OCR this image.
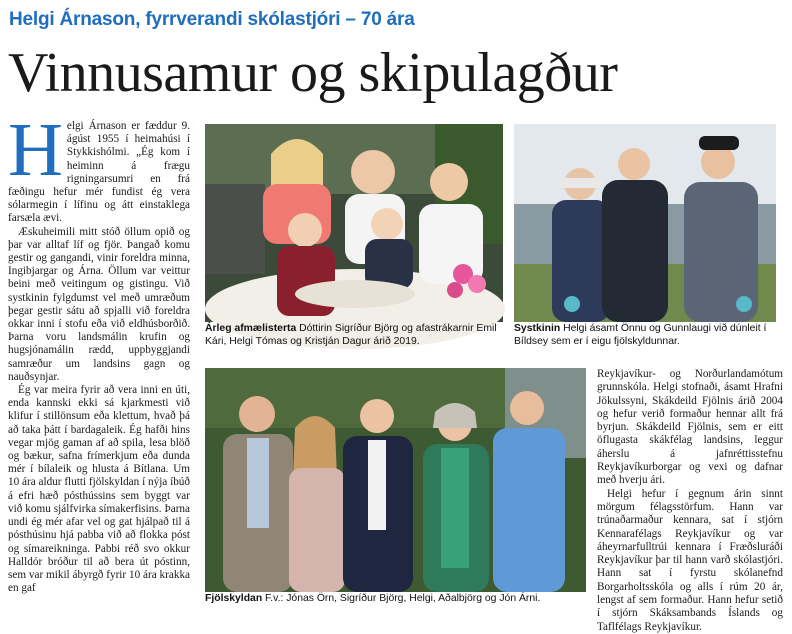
Helgi Árnason, fyrrverandi skólastjóri – 70 ára
Vinnusamur og skipulagður
H elgi Árnason er fæddur 9. ágúst 1955 í heimahúsi í Stykkishólmi. „Ég kom í heiminn á frægu rigningarsumri en frá fæðingu hefur mér fundist ég vera sólarmegin í lífinu og átt einstaklega farsæla ævi.

Æskuheimili mitt stóð öllum opið og þar var alltaf líf og fjör. Þangað komu gestir og gangandi, vinir foreldra minna, Ingibjargar og Árna. Öllum var veittur beini með veitingum og gistingu. Við systkinin fylgdumst vel með umræðum þegar gestir sátu að spjalli við foreldra okkar inni í stofu eða við eldhúsborðið. Þarna voru landsmálin krufin og hugsjónamálin rædd, uppbyggjandi samræður um landsins gagn og nauðsynjar.

Ég var meira fyrir að vera inni en úti, enda kannski ekki sá kjarkmesti við klifur í stillönsum eða klettum, hvað þá að taka þátt í bardagaleik. Ég hafði hins vegar mjög gaman af að spila, lesa blöð og bækur, safna frímerkjum eða dunda mér í bílaleik og hlusta á Bítlana. Um 10 ára aldur flutti fjölskyldan í nýja íbúð á efri hæð pósthússins sem byggt var við komu sjálfvirka símakerfisins. Þarna undi ég mér afar vel og gat hjálpað til á pósthúsinu hjá pabba við að flokka póst og símareikninga. Pabbi réð svo okkur Halldór bróður til að bera út póstinn, sem var mikil ábyrgð fyrir 10 ára krakka en gaf

Árleg afmælisterta Dóttirin Sigríður Björg og afastrákarnir Emil Kári, Helgi Tómas og Kristján Dagur árið 2019.
Systkinin Helgi ásamt Önnu og Gunnlaugi við dúnleit í Bíldsey sem er í eigu fjölskyldunnar.
Fjölskyldan F.v.: Jónas Örn, Sigríður Björg, Helgi, Aðalbjörg og Jón Árni.

Reykjavíkur- og Norðurlandamótum grunnskóla. Helgi stofnaði, ásamt Hrafni Jökulssyni, Skákdeild Fjölnis árið 2004 og hefur verið formaður hennar allt frá byrjun. Skákdeild Fjölnis, sem er eitt öflugasta skákfélag landsins, leggur áherslu á jafnréttisstefnu Reykjavíkurborgar og vexi og dafnar með hverju ári.

Helgi hefur í gegnum árin sinnt mörgum félagsstörfum. Hann var trúnaðarmaður kennara, sat í stjórn Kennarafélags Reykjavíkur og var áheyrnarfulltrúi kennara í Fræðsluráði Reykjavíkur þar til hann varð skólastjóri. Hann sat í fyrstu skólanefnd Borgarholtsskóla og alls í rúm 20 ár, lengst af sem formaður. Hann hefur setið í stjórn Skáksambands Íslands og Taflfélags Reykjavíkur.
